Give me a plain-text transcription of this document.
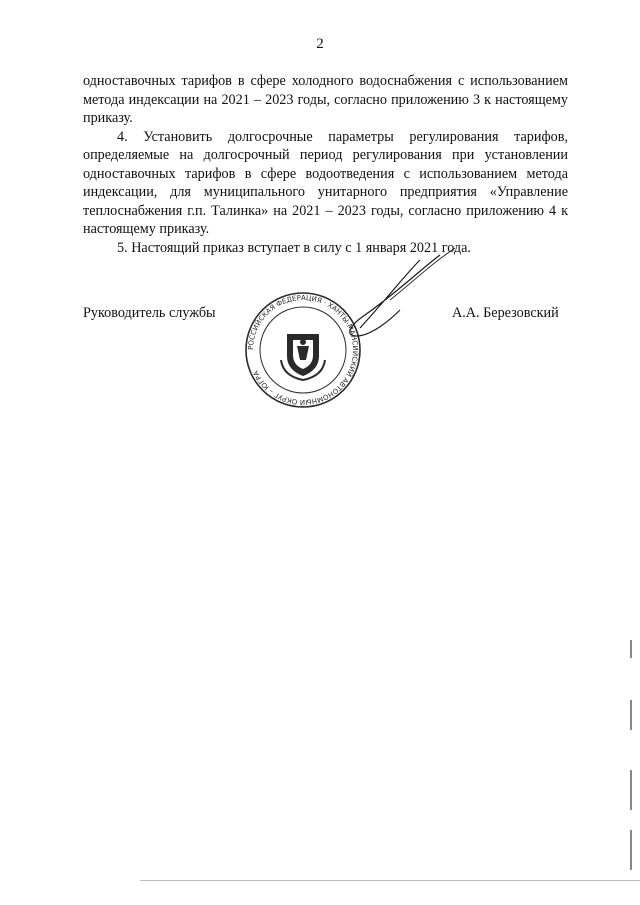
2

одноставочных тарифов в сфере холодного водоснабжения с использованием метода индексации на 2021 – 2023 годы, согласно приложению 3 к настоящему приказу.

4. Установить долгосрочные параметры регулирования тарифов, определяемые на долгосрочный период регулирования при установлении одноставочных тарифов в сфере водоотведения с использованием метода индексации, для муниципального унитарного предприятия «Управление теплоснабжения г.п. Талинка» на 2021 – 2023 годы, согласно приложению 4 к настоящему приказу.

5. Настоящий приказ вступает в силу с 1 января 2021 года.

Руководитель службы	А.А. Березовский
РОССИЙСКАЯ ФЕДЕРАЦИЯ · ХАНТЫ-МАНСИЙСКИЙ АВТОНОМНЫЙ ОКРУГ – ЮГРА
